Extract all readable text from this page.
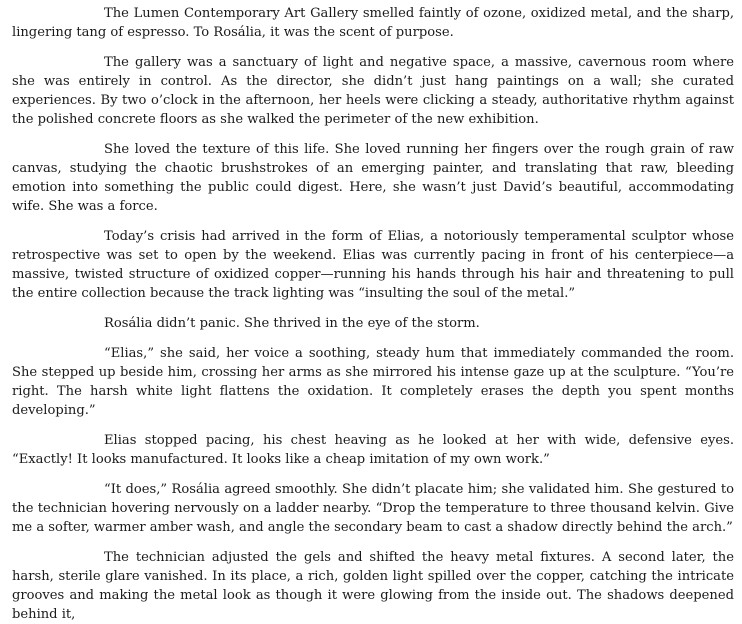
The Lumen Contemporary Art Gallery smelled faintly of ozone, oxidized metal, and the sharp, lingering tang of espresso. To Rosália, it was the scent of purpose.

The gallery was a sanctuary of light and negative space, a massive, cavernous room where she was entirely in control. As the director, she didn’t just hang paintings on a wall; she curated experiences. By two o’clock in the afternoon, her heels were clicking a steady, authoritative rhythm against the polished concrete floors as she walked the perimeter of the new exhibition.

She loved the texture of this life. She loved running her fingers over the rough grain of raw canvas, studying the chaotic brushstrokes of an emerging painter, and translating that raw, bleeding emotion into something the public could digest. Here, she wasn’t just David’s beautiful, accommodating wife. She was a force.

Today’s crisis had arrived in the form of Elias, a notoriously temperamental sculptor whose retrospective was set to open by the weekend. Elias was currently pacing in front of his centerpiece—a massive, twisted structure of oxidized copper—running his hands through his hair and threatening to pull the entire collection because the track lighting was “insulting the soul of the metal.”

Rosália didn’t panic. She thrived in the eye of the storm.

“Elias,” she said, her voice a soothing, steady hum that immediately commanded the room. She stepped up beside him, crossing her arms as she mirrored his intense gaze up at the sculpture. “You’re right. The harsh white light flattens the oxidation. It completely erases the depth you spent months developing.”

Elias stopped pacing, his chest heaving as he looked at her with wide, defensive eyes. “Exactly! It looks manufactured. It looks like a cheap imitation of my own work.”

“It does,” Rosália agreed smoothly. She didn’t placate him; she validated him. She gestured to the technician hovering nervously on a ladder nearby. “Drop the temperature to three thousand kelvin. Give me a softer, warmer amber wash, and angle the secondary beam to cast a shadow directly behind the arch.”

The technician adjusted the gels and shifted the heavy metal fixtures. A second later, the harsh, sterile glare vanished. In its place, a rich, golden light spilled over the copper, catching the intricate grooves and making the metal look as though it were glowing from the inside out. The shadows deepened behind it,
